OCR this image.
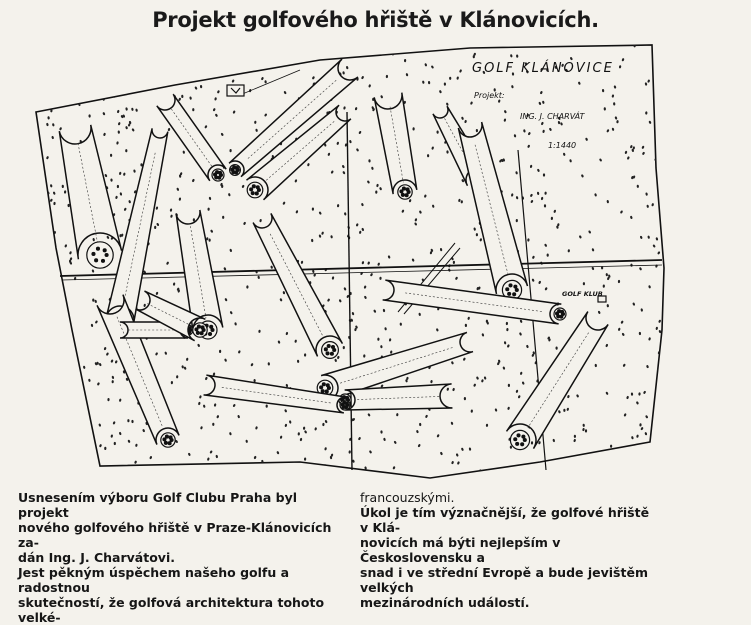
Projekt golfového hřiště v Klánovicích.
GOLF KLUB
GOLF KLÁNOVICE
Projekt:
ING. J. CHARVÁT
1:1440

Usnesením výboru Golf Clubu Praha byl projekt

nového golfového hřiště v Praze-Klánovicích za-

dán Ing. J. Charvátovi.

Jest pěkným úspěchem našeho golfu a radostnou

skutečností, že golfová architektura tohoto velké-

francouzskými.

Úkol je tím význačnější, že golfové hřiště v Klá-

novicích má býti nejlepším v Československu a

snad i ve střední Evropě a bude jevištěm velkých

mezinárodních událostí.
